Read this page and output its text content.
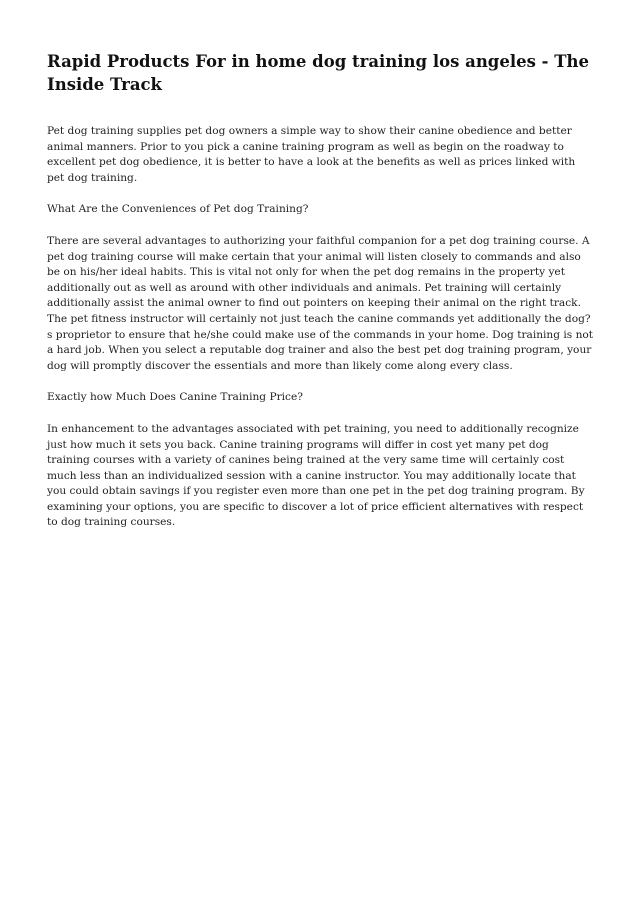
Rapid Products For in home dog training los angeles - The Inside Track

Pet dog training supplies pet dog owners a simple way to show their canine obedience and better animal manners. Prior to you pick a canine training program as well as begin on the roadway to excellent pet dog obedience, it is better to have a look at the benefits as well as prices linked with pet dog training.

What Are the Conveniences of Pet dog Training?

There are several advantages to authorizing your faithful companion for a pet dog training course. A pet dog training course will make certain that your animal will listen closely to commands and also be on his/her ideal habits. This is vital not only for when the pet dog remains in the property yet additionally out as well as around with other individuals and animals. Pet training will certainly additionally assist the animal owner to find out pointers on keeping their animal on the right track. The pet fitness instructor will certainly not just teach the canine commands yet additionally the dog?s proprietor to ensure that he/she could make use of the commands in your home. Dog training is not a hard job. When you select a reputable dog trainer and also the best pet dog training program, your dog will promptly discover the essentials and more than likely come along every class.

Exactly how Much Does Canine Training Price?

In enhancement to the advantages associated with pet training, you need to additionally recognize just how much it sets you back. Canine training programs will differ in cost yet many pet dog training courses with a variety of canines being trained at the very same time will certainly cost much less than an individualized session with a canine instructor. You may additionally locate that you could obtain savings if you register even more than one pet in the pet dog training program. By examining your options, you are specific to discover a lot of price efficient alternatives with respect to dog training courses.
